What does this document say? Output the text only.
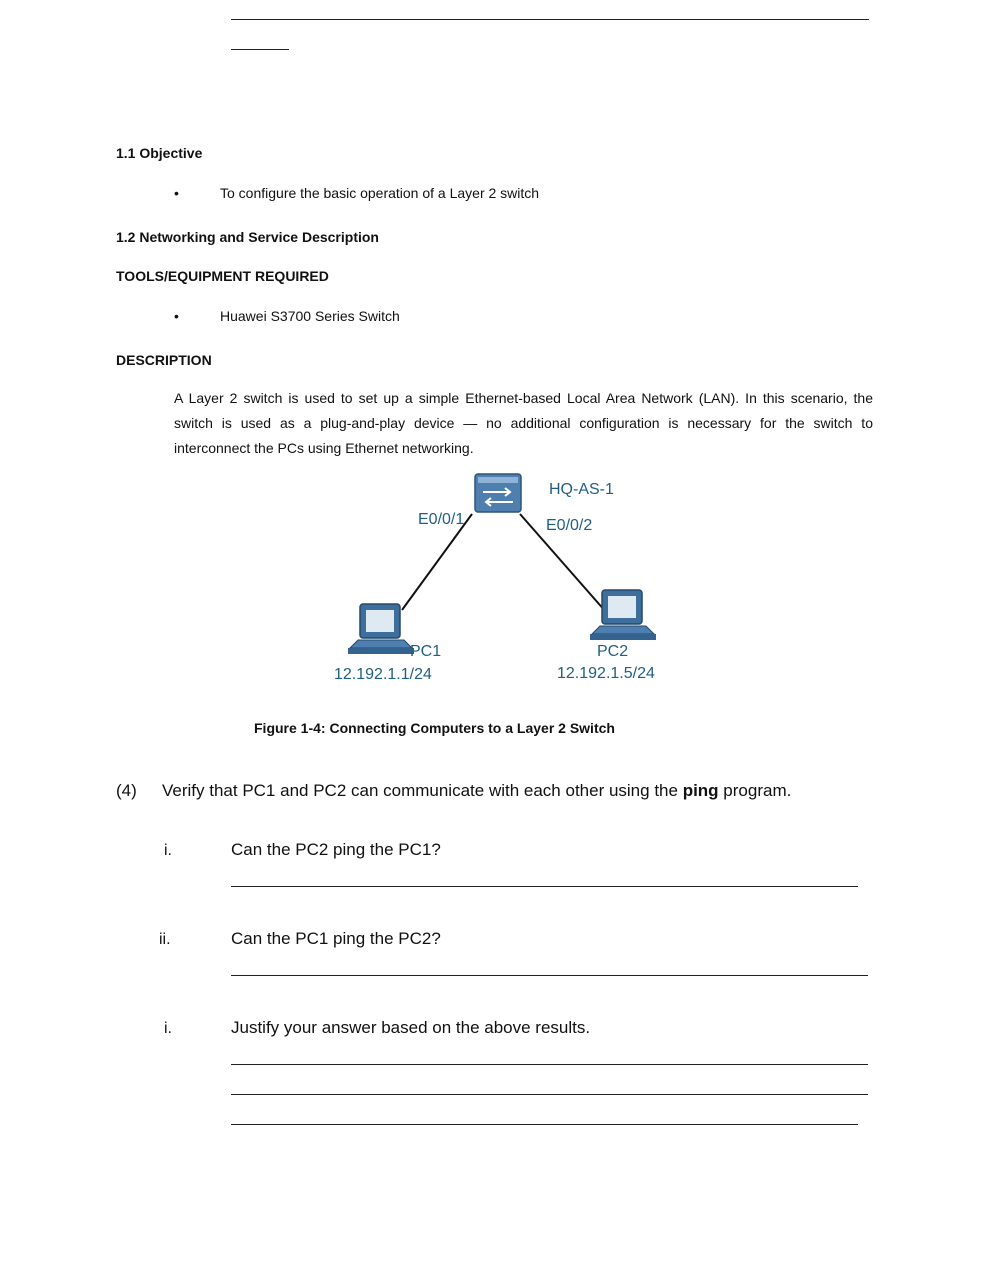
1.1 Objective
•	To configure the basic operation of a Layer 2 switch
1.2 Networking and Service Description
TOOLS/EQUIPMENT REQUIRED
•	Huawei S3700 Series Switch
DESCRIPTION
A Layer 2 switch is used to set up a simple Ethernet-based Local Area Network (LAN). In this scenario, the switch is used as a plug-and-play device — no additional configuration is necessary for the switch to interconnect the PCs using Ethernet networking.
HQ-AS-1
E0/0/1	E0/0/2
PC1
12.192.1.1/24
PC2
12.192.1.5/24
Figure 1-4: Connecting Computers to a Layer 2 Switch
(4) Verify that PC1 and PC2 can communicate with each other using the ping program.
i.	Can the PC2 ping the PC1?
ii.	Can the PC1 ping the PC2?
i.	Justify your answer based on the above results.
